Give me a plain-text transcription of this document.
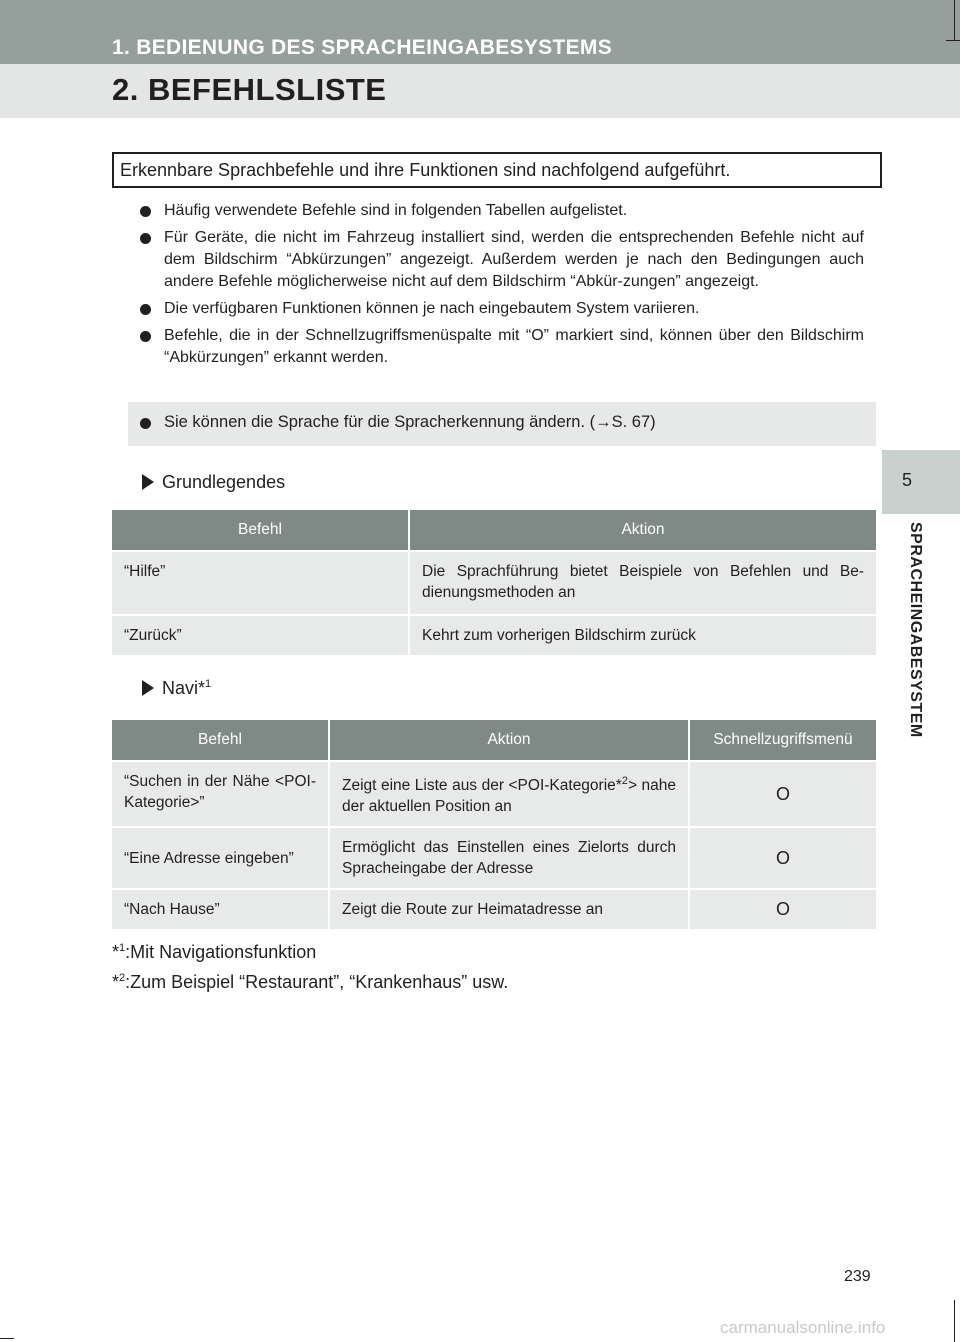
1. BEDIENUNG DES SPRACHEINGABESYSTEMS
2. BEFEHLSLISTE
Erkennbare Sprachbefehle und ihre Funktionen sind nachfolgend aufgeführt.
Häufig verwendete Befehle sind in folgenden Tabellen aufgelistet.
Für Geräte, die nicht im Fahrzeug installiert sind, werden die entsprechenden Befehle nicht auf dem Bildschirm “Abkürzungen” angezeigt. Außerdem werden je nach den Bedingungen auch andere Befehle möglicherweise nicht auf dem Bildschirm “Abkür-zungen” angezeigt.
Die verfügbaren Funktionen können je nach eingebautem System variieren.
Befehle, die in der Schnellzugriffsmenüspalte mit “O” markiert sind, können über den Bildschirm “Abkürzungen” erkannt werden.
Sie können die Sprache für die Spracherkennung ändern. (→S. 67)
Grundlegendes
Befehl	Aktion
“Hilfe”	Die Sprachführung bietet Beispiele von Befehlen und Be-dienungsmethoden an
“Zurück”	Kehrt zum vorherigen Bildschirm zurück
Navi*$^1$
Befehl	Aktion	Schnellzugriffsmenü
“Suchen in der Nähe <POI-Kategorie>”	Zeigt eine Liste aus der <POI-Kategorie*$^2$> nahe der aktuellen Position an	O
“Eine Adresse eingeben”	Ermöglicht das Einstellen eines Zielorts durch Spracheingabe der Adresse	O
“Nach Hause”	Zeigt die Route zur Heimatadresse an	O
*$^1$:Mit Navigationsfunktion
*$^2$:Zum Beispiel “Restaurant”, “Krankenhaus” usw.
5
SPRACHEINGABESYSTEM
239
carmanualsonline.info
